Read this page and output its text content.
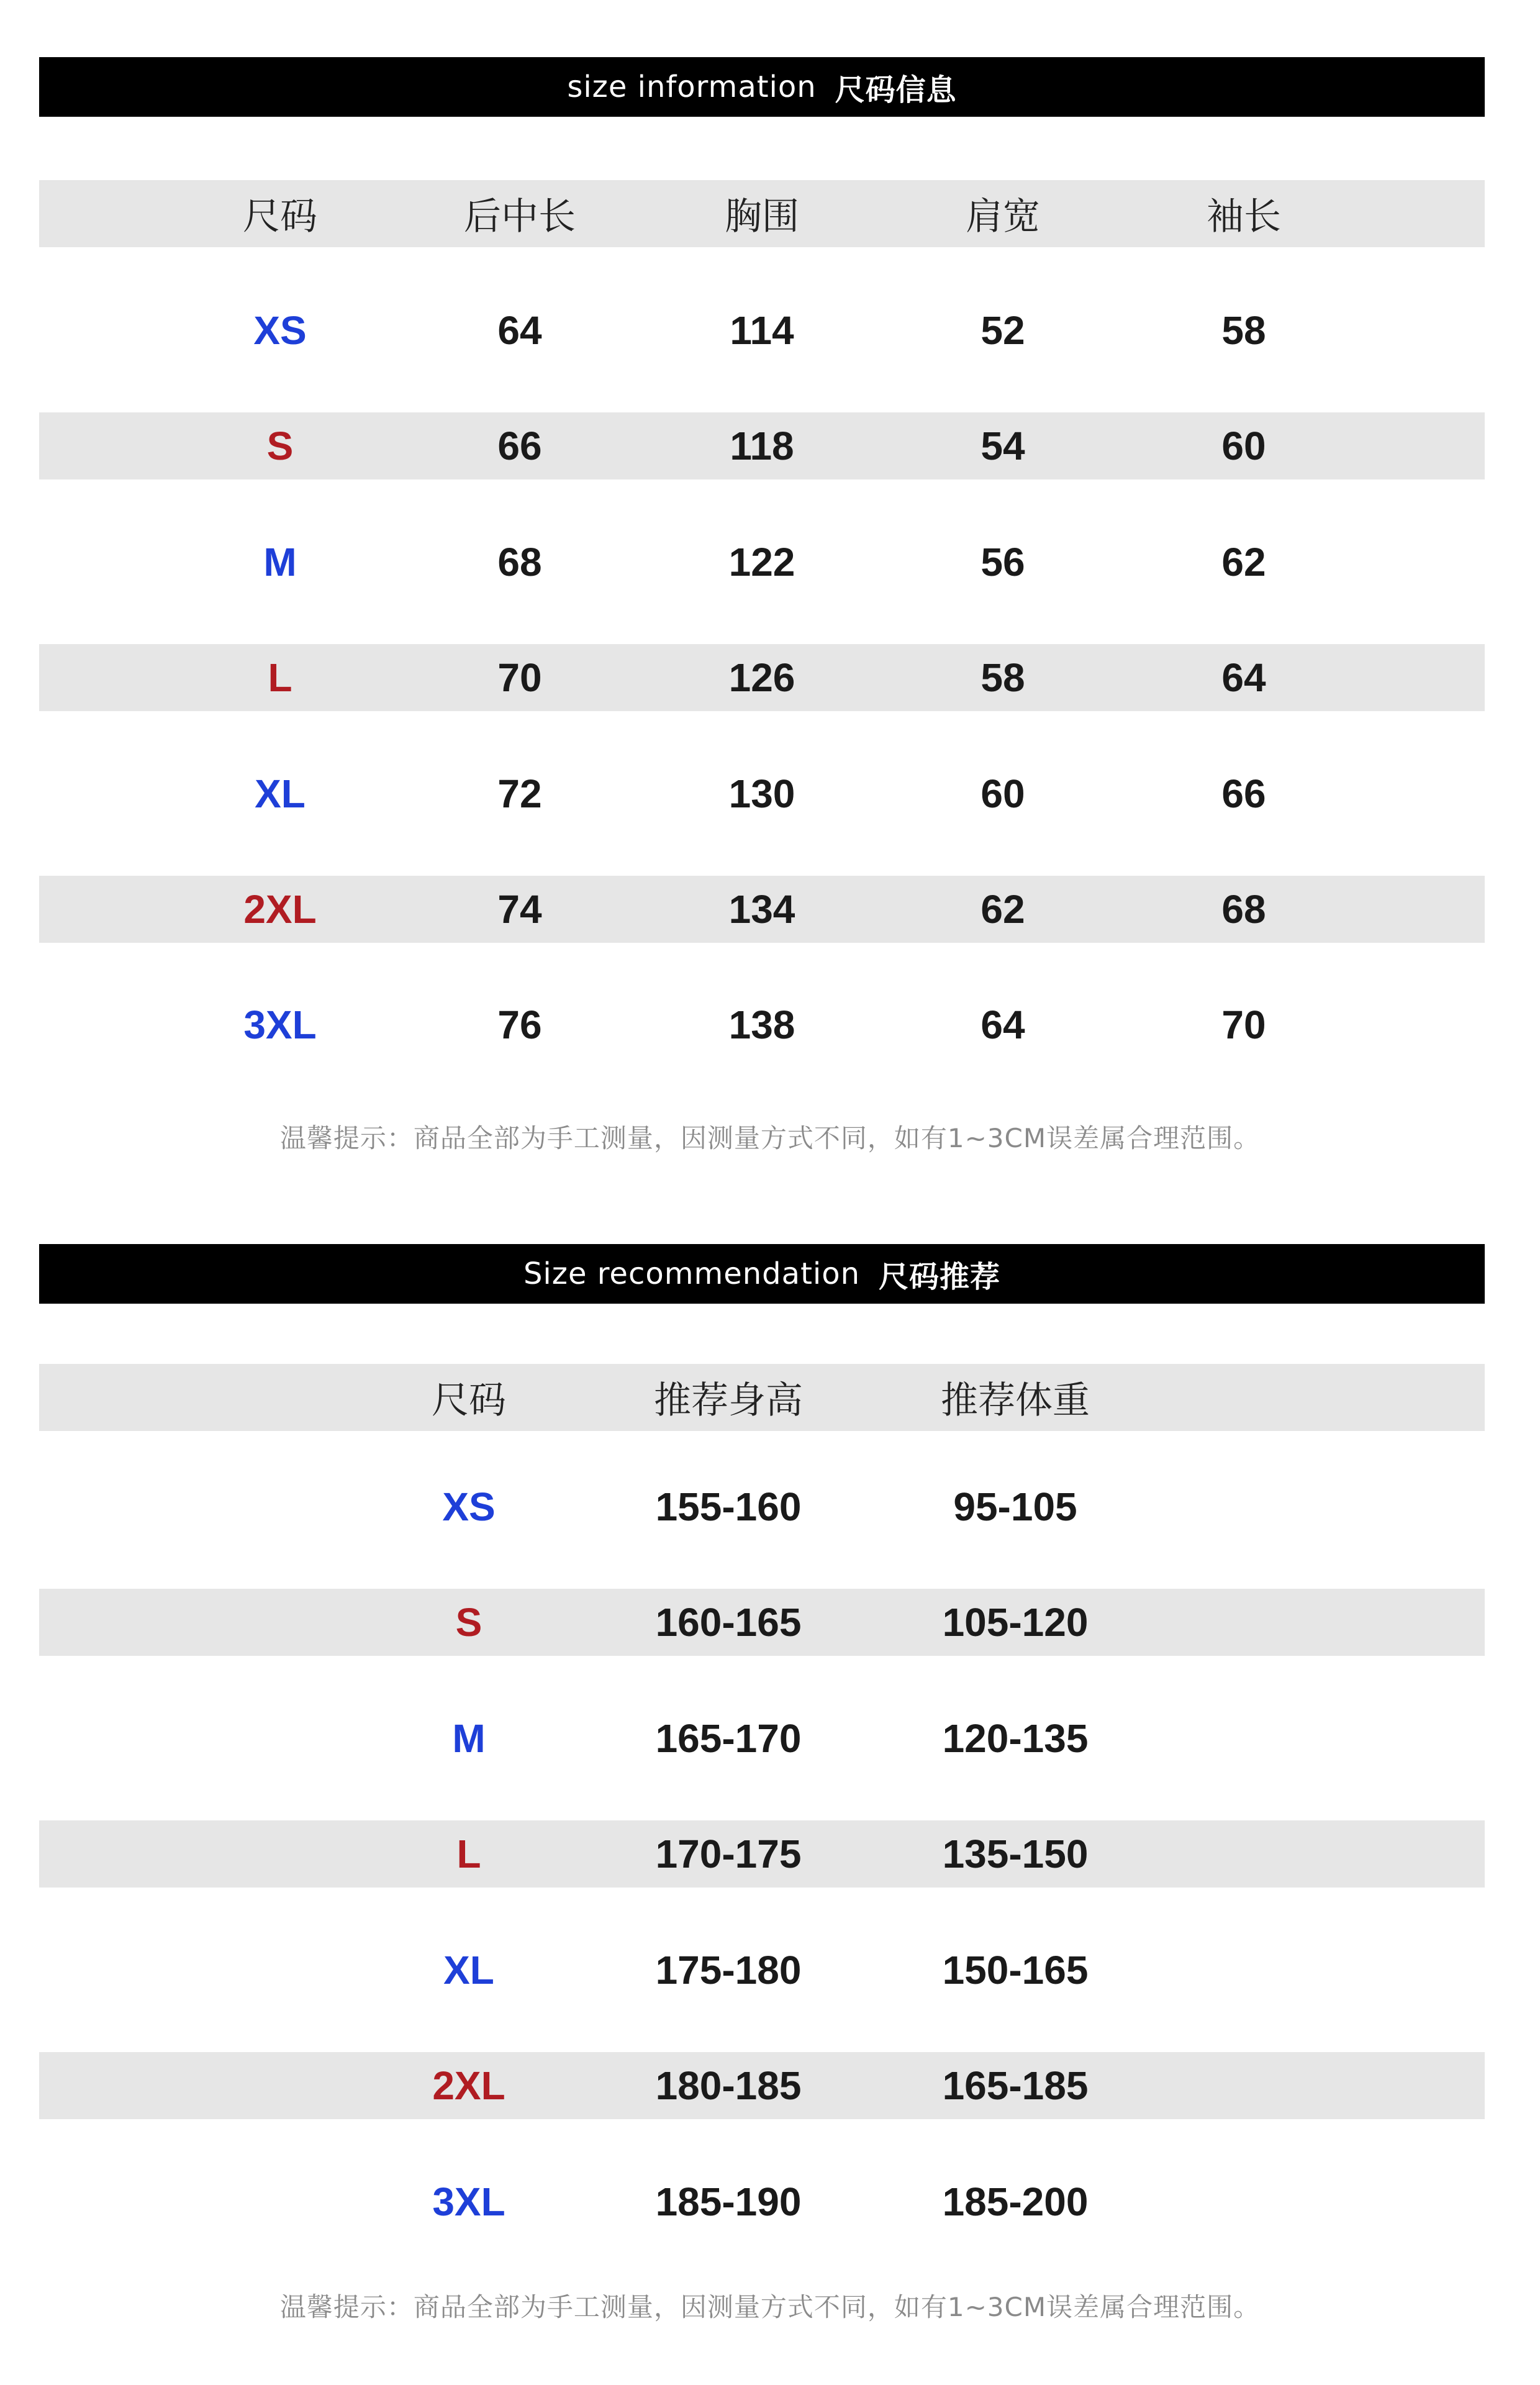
size information 尺码信息
尺码	后中长	胸围	肩宽	袖长
XS	64	114	52	58
S	66	118	54	60
M	68	122	56	62
L	70	126	58	64
XL	72	130	60	66
2XL	74	134	62	68
3XL	76	138	64	70
温馨提示：商品全部为手工测量，因测量方式不同，如有1~3CM误差属合理范围。
Size recommendation 尺码推荐
尺码	推荐身高	推荐体重
XS	155-160	95-105
S	160-165	105-120
M	165-170	120-135
L	170-175	135-150
XL	175-180	150-165
2XL	180-185	165-185
3XL	185-190	185-200
温馨提示：商品全部为手工测量，因测量方式不同，如有1~3CM误差属合理范围。
